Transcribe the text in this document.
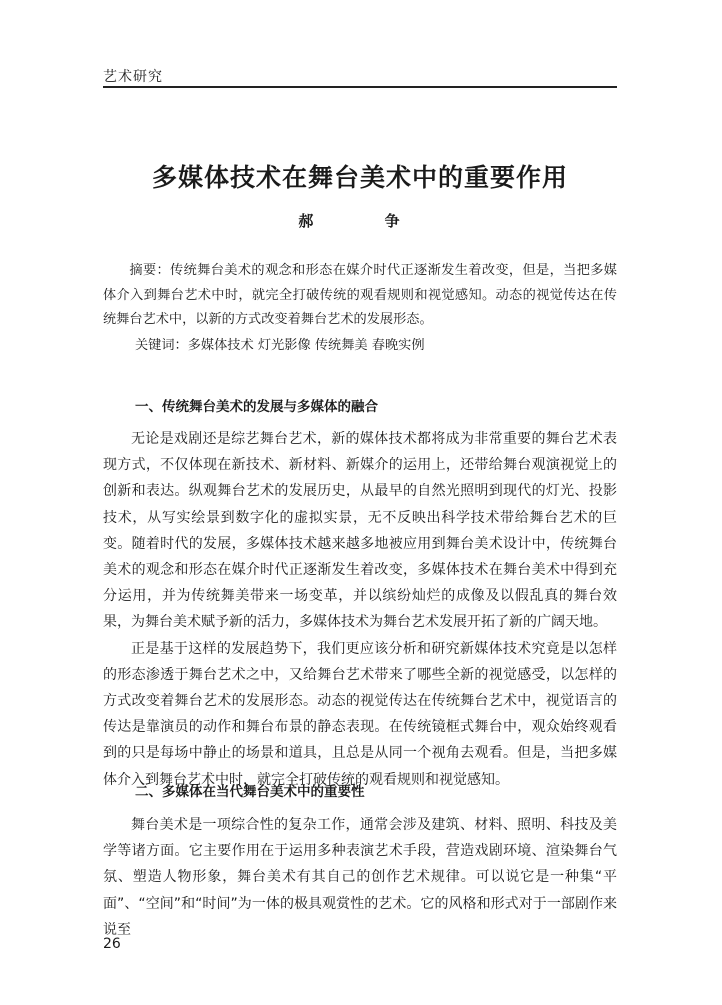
艺术研究
多媒体技术在舞台美术中的重要作用
郝 争

摘要：传统舞台美术的观念和形态在媒介时代正逐渐发生着改变，但是，当把多媒体介入到舞台艺术中时，就完全打破传统的观看规则和视觉感知。动态的视觉传达在传统舞台艺术中，以新的方式改变着舞台艺术的发展形态。

关键词：多媒体技术 灯光影像 传统舞美 春晚实例
一、传统舞台美术的发展与多媒体的融合

无论是戏剧还是综艺舞台艺术，新的媒体技术都将成为非常重要的舞台艺术表现方式，不仅体现在新技术、新材料、新媒介的运用上，还带给舞台观演视觉上的创新和表达。纵观舞台艺术的发展历史，从最早的自然光照明到现代的灯光、投影技术，从写实绘景到数字化的虚拟实景，无不反映出科学技术带给舞台艺术的巨变。随着时代的发展，多媒体技术越来越多地被应用到舞台美术设计中，传统舞台美术的观念和形态在媒介时代正逐渐发生着改变，多媒体技术在舞台美术中得到充分运用，并为传统舞美带来一场变革，并以缤纷灿烂的成像及以假乱真的舞台效果，为舞台美术赋予新的活力，多媒体技术为舞台艺术发展开拓了新的广阔天地。

正是基于这样的发展趋势下，我们更应该分析和研究新媒体技术究竟是以怎样的形态渗透于舞台艺术之中，又给舞台艺术带来了哪些全新的视觉感受，以怎样的方式改变着舞台艺术的发展形态。动态的视觉传达在传统舞台艺术中，视觉语言的传达是靠演员的动作和舞台布景的静态表现。在传统镜框式舞台中，观众始终观看到的只是每场中静止的场景和道具，且总是从同一个视角去观看。但是，当把多媒体介入到舞台艺术中时，就完全打破传统的观看规则和视觉感知。

二、多媒体在当代舞台美术中的重要性

舞台美术是一项综合性的复杂工作，通常会涉及建筑、材料、照明、科技及美学等诸方面。它主要作用在于运用多种表演艺术手段，营造戏剧环境、渲染舞台气氛、塑造人物形象，舞台美术有其自己的创作艺术规律。可以说它是一种集“平面”、“空间”和“时间”为一体的极具观赏性的艺术。它的风格和形式对于一部剧作来说至

26
